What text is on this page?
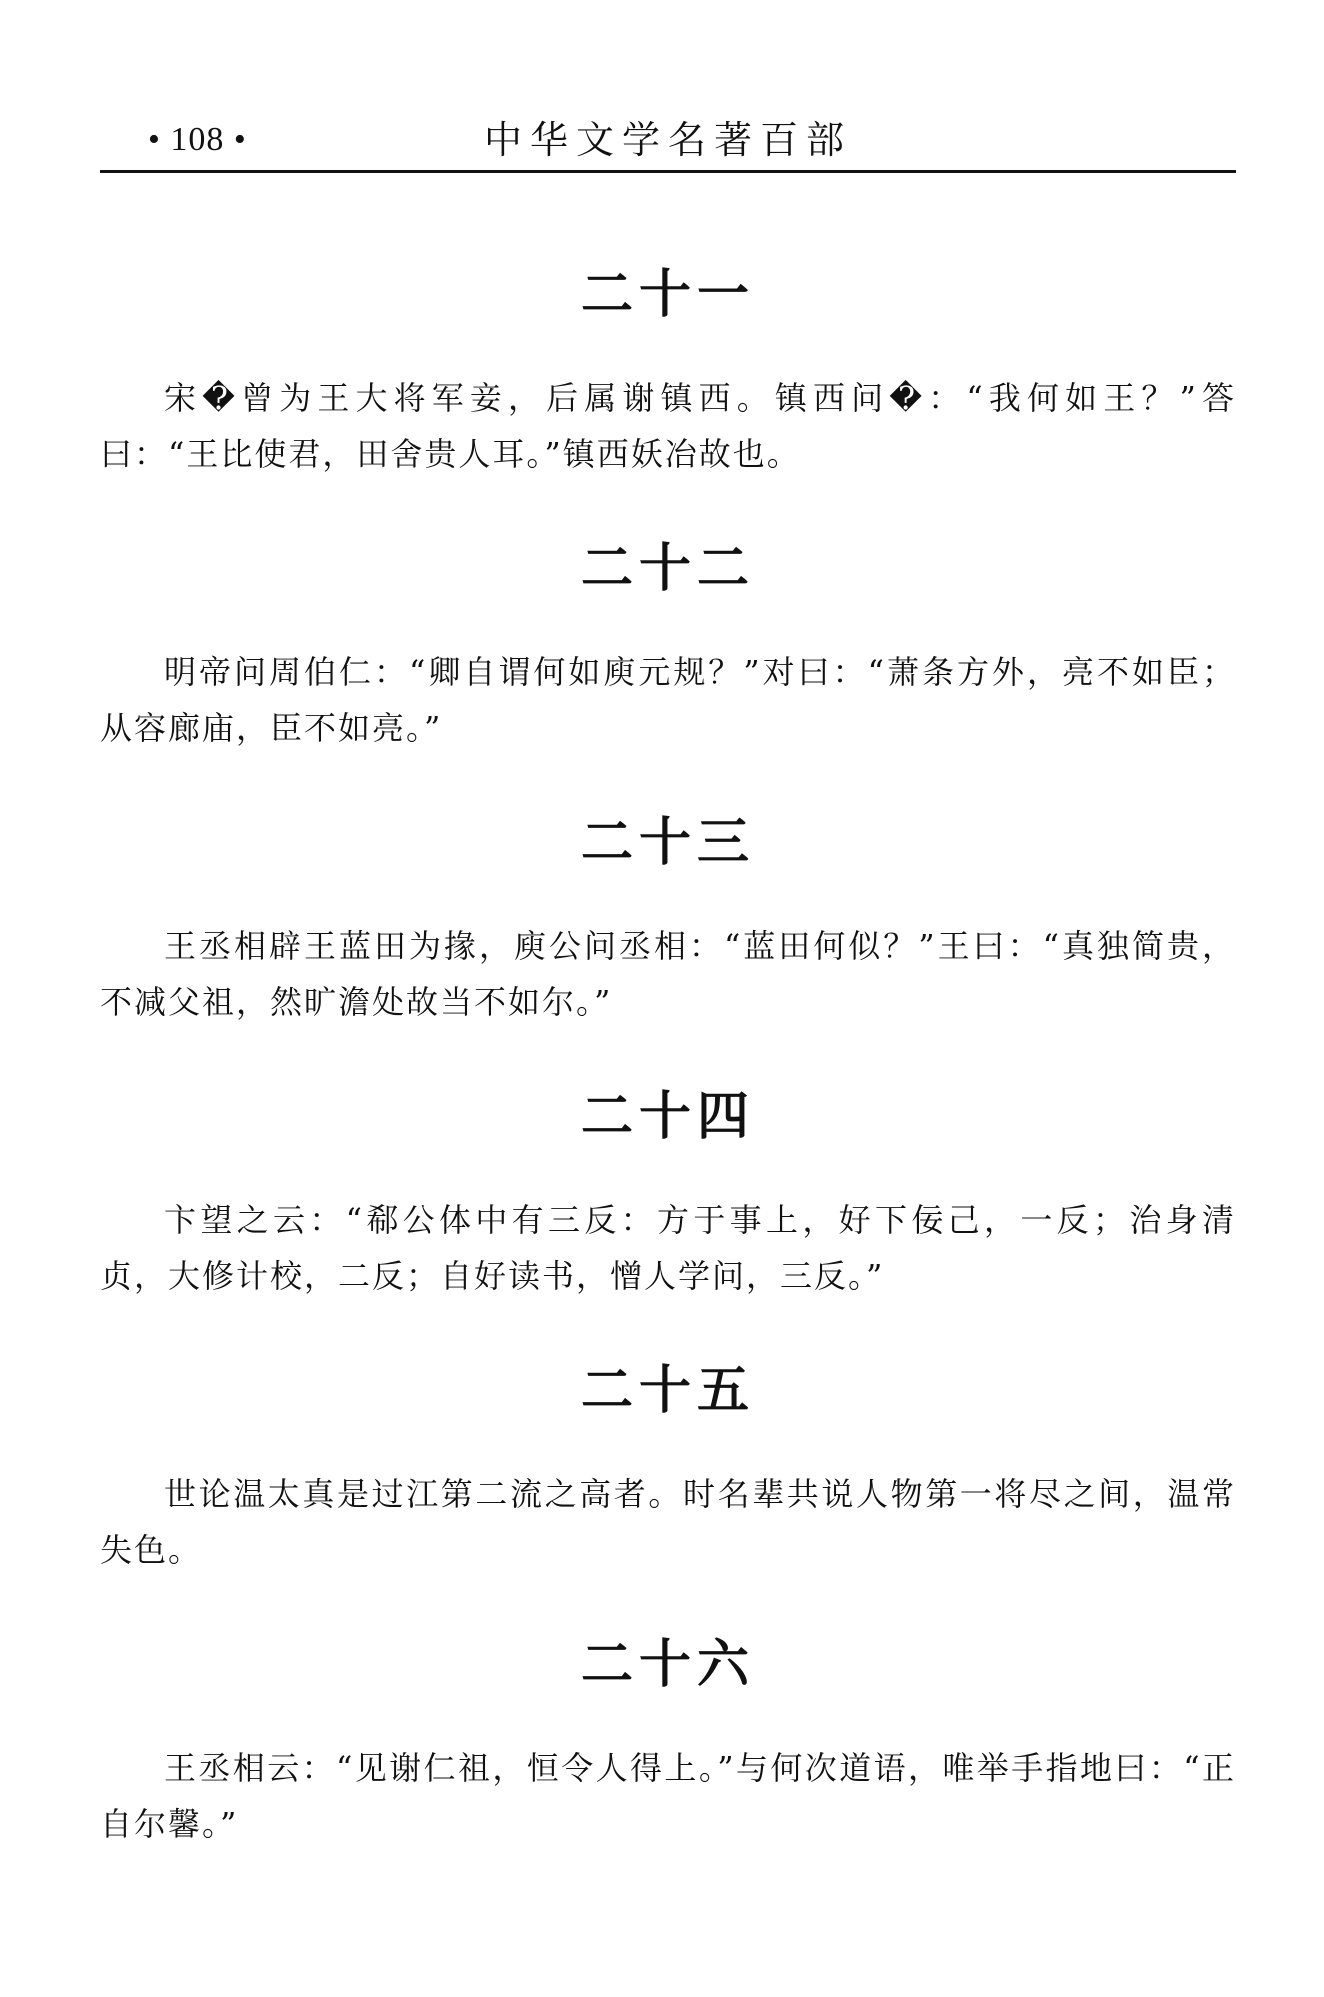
• 108 •	中华文学名著百部
二十一

宋�曾为王大将军妾，后属谢镇西。镇西问�：“我何如王？”答曰：“王比使君，田舍贵人耳。”镇西妖冶故也。

二十二

明帝问周伯仁：“卿自谓何如庾元规？”对曰：“萧条方外，亮不如臣；从容廊庙，臣不如亮。”

二十三

王丞相辟王蓝田为掾，庾公问丞相：“蓝田何似？”王曰：“真独简贵，不减父祖，然旷澹处故当不如尔。”

二十四

卞望之云：“郗公体中有三反：方于事上，好下佞己，一反；治身清贞，大修计校，二反；自好读书，憎人学问，三反。”

二十五

世论温太真是过江第二流之高者。时名辈共说人物第一将尽之间，温常失色。

二十六

王丞相云：“见谢仁祖，恒令人得上。”与何次道语，唯举手指地曰：“正自尔馨。”
